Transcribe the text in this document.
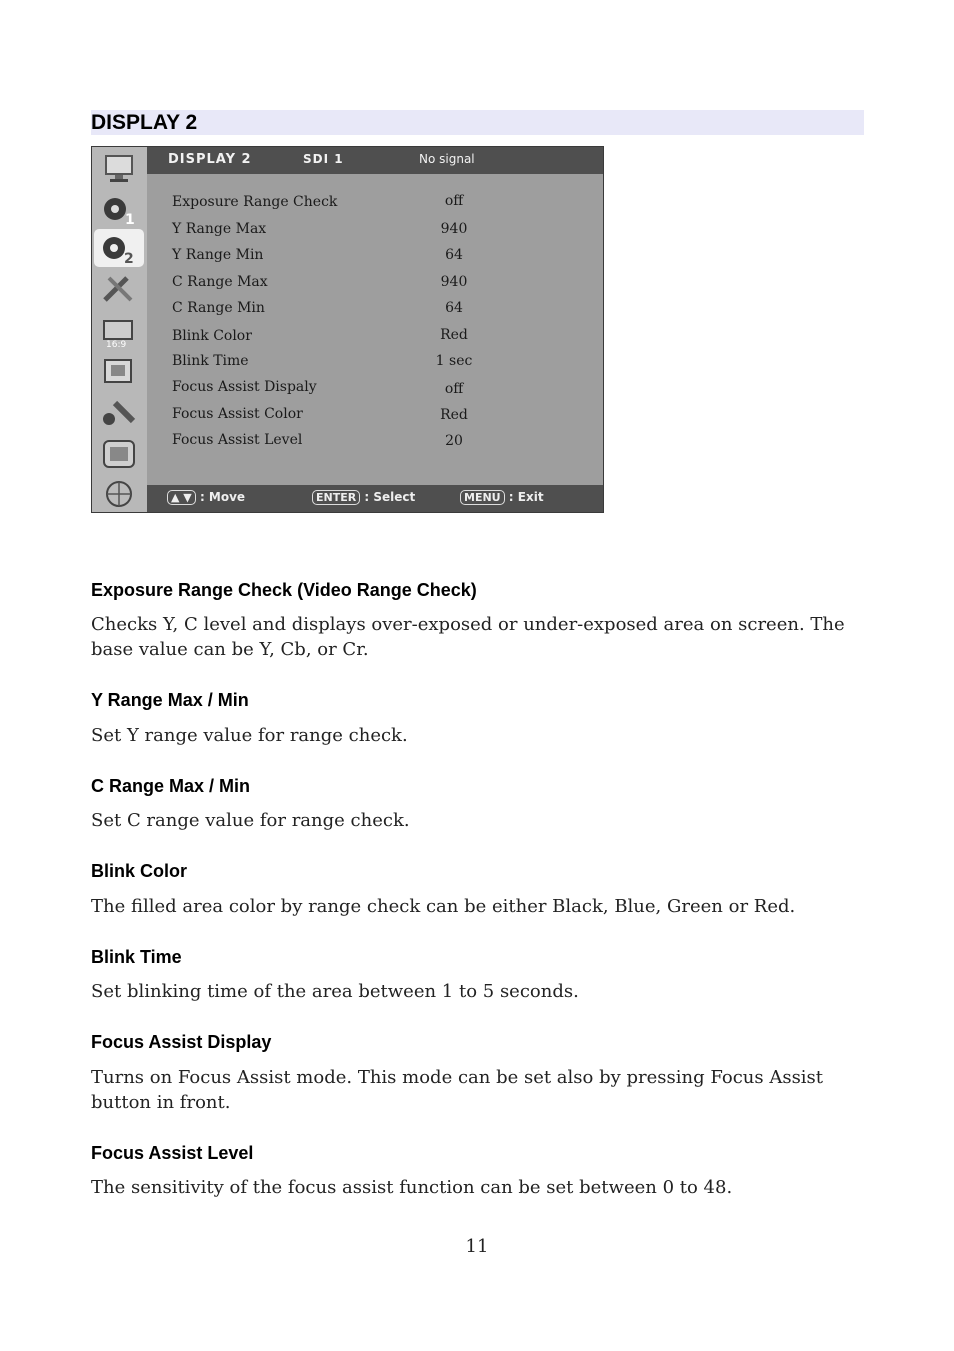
DISPLAY 2
1
2
16:9
DISPLAY 2	SDI 1	No signal
Exposure Range Check	off
Y Range Max	940
Y Range Min	64
C Range Max	940
C Range Min	64
Blink Color	Red
Blink Time	1 sec
Focus Assist Dispaly	off
Focus Assist Color	Red
Focus Assist Level	20
▲ ▼ : Move	ENTER : Select	MENU : Exit
Exposure Range Check (Video Range Check)
Checks Y, C level and displays over-exposed or under-exposed area on screen. The base value can be Y, Cb, or Cr.
Y Range Max / Min
Set Y range value for range check.
C Range Max / Min
Set C range value for range check.
Blink Color
The filled area color by range check can be either Black, Blue, Green or Red.
Blink Time
Set blinking time of the area between 1 to 5 seconds.
Focus Assist Display
Turns on Focus Assist mode. This mode can be set also by pressing Focus Assist button in front.
Focus Assist Level
The sensitivity of the focus assist function can be set between 0 to 48.
11
